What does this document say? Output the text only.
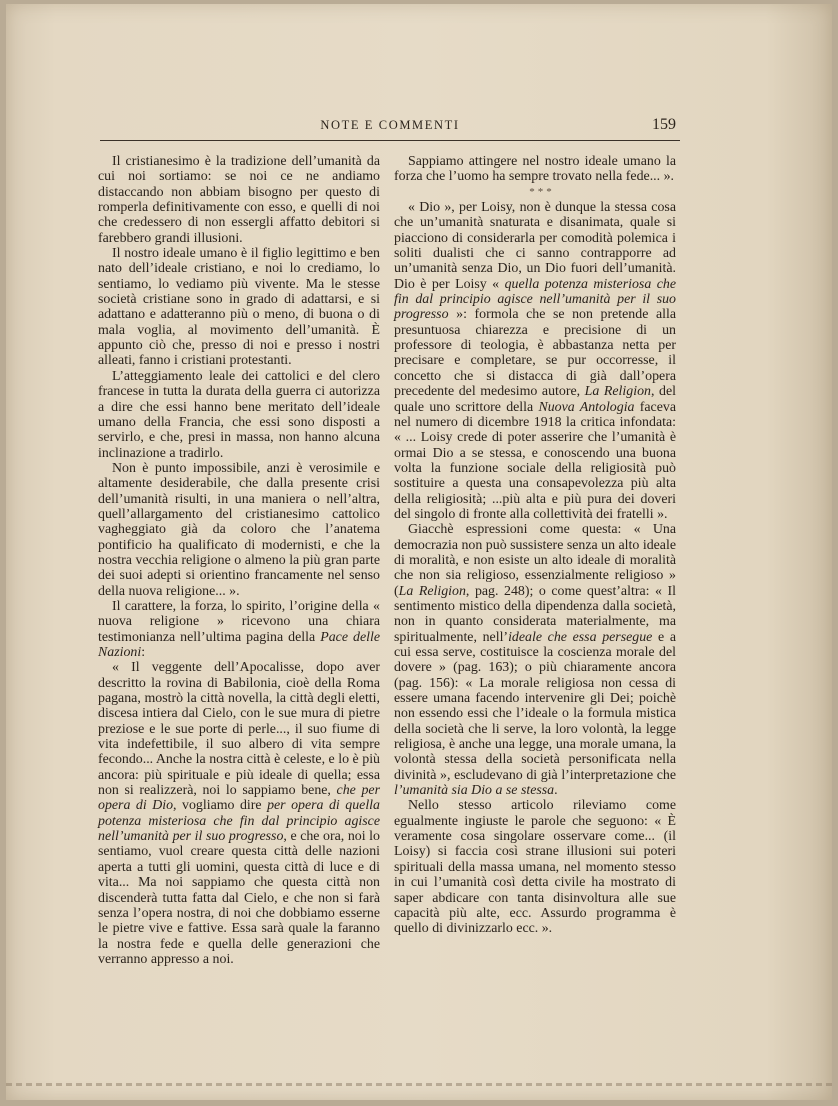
NOTE E COMMENTI	159

Il cristianesimo è la tradizione dell’umanità da cui noi sortiamo: se noi ce ne andiamo distaccando non abbiam bisogno per questo di romperla definitivamente con esso, e quelli di noi che credessero di non essergli affatto debitori si farebbero grandi illusioni.

Il nostro ideale umano è il figlio legittimo e ben nato dell’ideale cristiano, e noi lo crediamo, lo sentiamo, lo vediamo più vivente. Ma le stesse società cristiane sono in grado di adattarsi, e si adattano e adatteranno più o meno, di buona o di mala voglia, al movimento dell’umanità. È appunto ciò che, presso di noi e presso i nostri alleati, fanno i cristiani protestanti.

L’atteggiamento leale dei cattolici e del clero francese in tutta la durata della guerra ci autorizza a dire che essi hanno bene meritato dell’ideale umano della Francia, che essi sono disposti a servirlo, e che, presi in massa, non hanno alcuna inclinazione a tradirlo.

Non è punto impossibile, anzi è verosimile e altamente desiderabile, che dalla presente crisi dell’umanità risulti, in una maniera o nell’altra, quell’allargamento del cristianesimo cattolico vagheggiato già da coloro che l’anatema pontificio ha qualificato di modernisti, e che la nostra vecchia religione o almeno la più gran parte dei suoi adepti si orientino francamente nel senso della nuova religione... ».

Il carattere, la forza, lo spirito, l’origine della « nuova religione » ricevono una chiara testimonianza nell’ultima pagina della Pace delle Nazioni:

« Il veggente dell’Apocalisse, dopo aver descritto la rovina di Babilonia, cioè della Roma pagana, mostrò la città novella, la città degli eletti, discesa intiera dal Cielo, con le sue mura di pietre preziose e le sue porte di perle..., il suo fiume di vita indefettibile, il suo albero di vita sempre fecondo... Anche la nostra città è celeste, e lo è più ancora: più spirituale e più ideale di quella; essa non si realizzerà, noi lo sappiamo bene, che per opera di Dio, vogliamo dire per opera di quella potenza misteriosa che fin dal principio agisce nell’umanità per il suo progresso, e che ora, noi lo sentiamo, vuol creare questa città delle nazioni aperta a tutti gli uomini, questa città di luce e di vita... Ma noi sappiamo che questa città non discenderà tutta fatta dal Cielo, e che non si farà senza l’opera nostra, di noi che dobbiamo esserne le pietre vive e fattive. Essa sarà quale la faranno la nostra fede e quella delle generazioni che verranno appresso a noi.

Sappiamo attingere nel nostro ideale umano la forza che l’uomo ha sempre trovato nella fede... ».

***

« Dio », per Loisy, non è dunque la stessa cosa che un’umanità snaturata e disanimata, quale si piacciono di considerarla per comodità polemica i soliti dualisti che ci sanno contrapporre ad un’umanità senza Dio, un Dio fuori dell’umanità. Dio è per Loisy « quella potenza misteriosa che fin dal principio agisce nell’umanità per il suo progresso »: formola che se non pretende alla presuntuosa chiarezza e precisione di un professore di teologia, è abbastanza netta per precisare e completare, se pur occorresse, il concetto che si distacca di già dall’opera precedente del medesimo autore, La Religion, del quale uno scrittore della Nuova Antologia faceva nel numero di dicembre 1918 la critica infondata: « ... Loisy crede di poter asserire che l’umanità è ormai Dio a se stessa, e conoscendo una buona volta la funzione sociale della religiosità può sostituire a questa una consapevolezza più alta della religiosità; ...più alta e più pura dei doveri del singolo di fronte alla collettività dei fratelli ».

Giacchè espressioni come questa: « Una democrazia non può sussistere senza un alto ideale di moralità, e non esiste un alto ideale di moralità che non sia religioso, essenzialmente religioso » (La Religion, pag. 248); o come quest’altra: « Il sentimento mistico della dipendenza dalla società, non in quanto considerata materialmente, ma spiritualmente, nell’ideale che essa persegue e a cui essa serve, costituisce la coscienza morale del dovere » (pag. 163); o più chiaramente ancora (pag. 156): « La morale religiosa non cessa di essere umana facendo intervenire gli Dei; poichè non essendo essi che l’ideale o la formula mistica della società che li serve, la loro volontà, la legge religiosa, è anche una legge, una morale umana, la volontà stessa della società personificata nella divinità », escludevano di già l’interpretazione che l’umanità sia Dio a se stessa.

Nello stesso articolo rileviamo come egualmente ingiuste le parole che seguono: « È veramente cosa singolare osservare come... (il Loisy) si faccia così strane illusioni sui poteri spirituali della massa umana, nel momento stesso in cui l’umanità così detta civile ha mostrato di saper abdicare con tanta disinvoltura alle sue capacità più alte, ecc. Assurdo programma è quello di divinizzarlo ecc. ».
